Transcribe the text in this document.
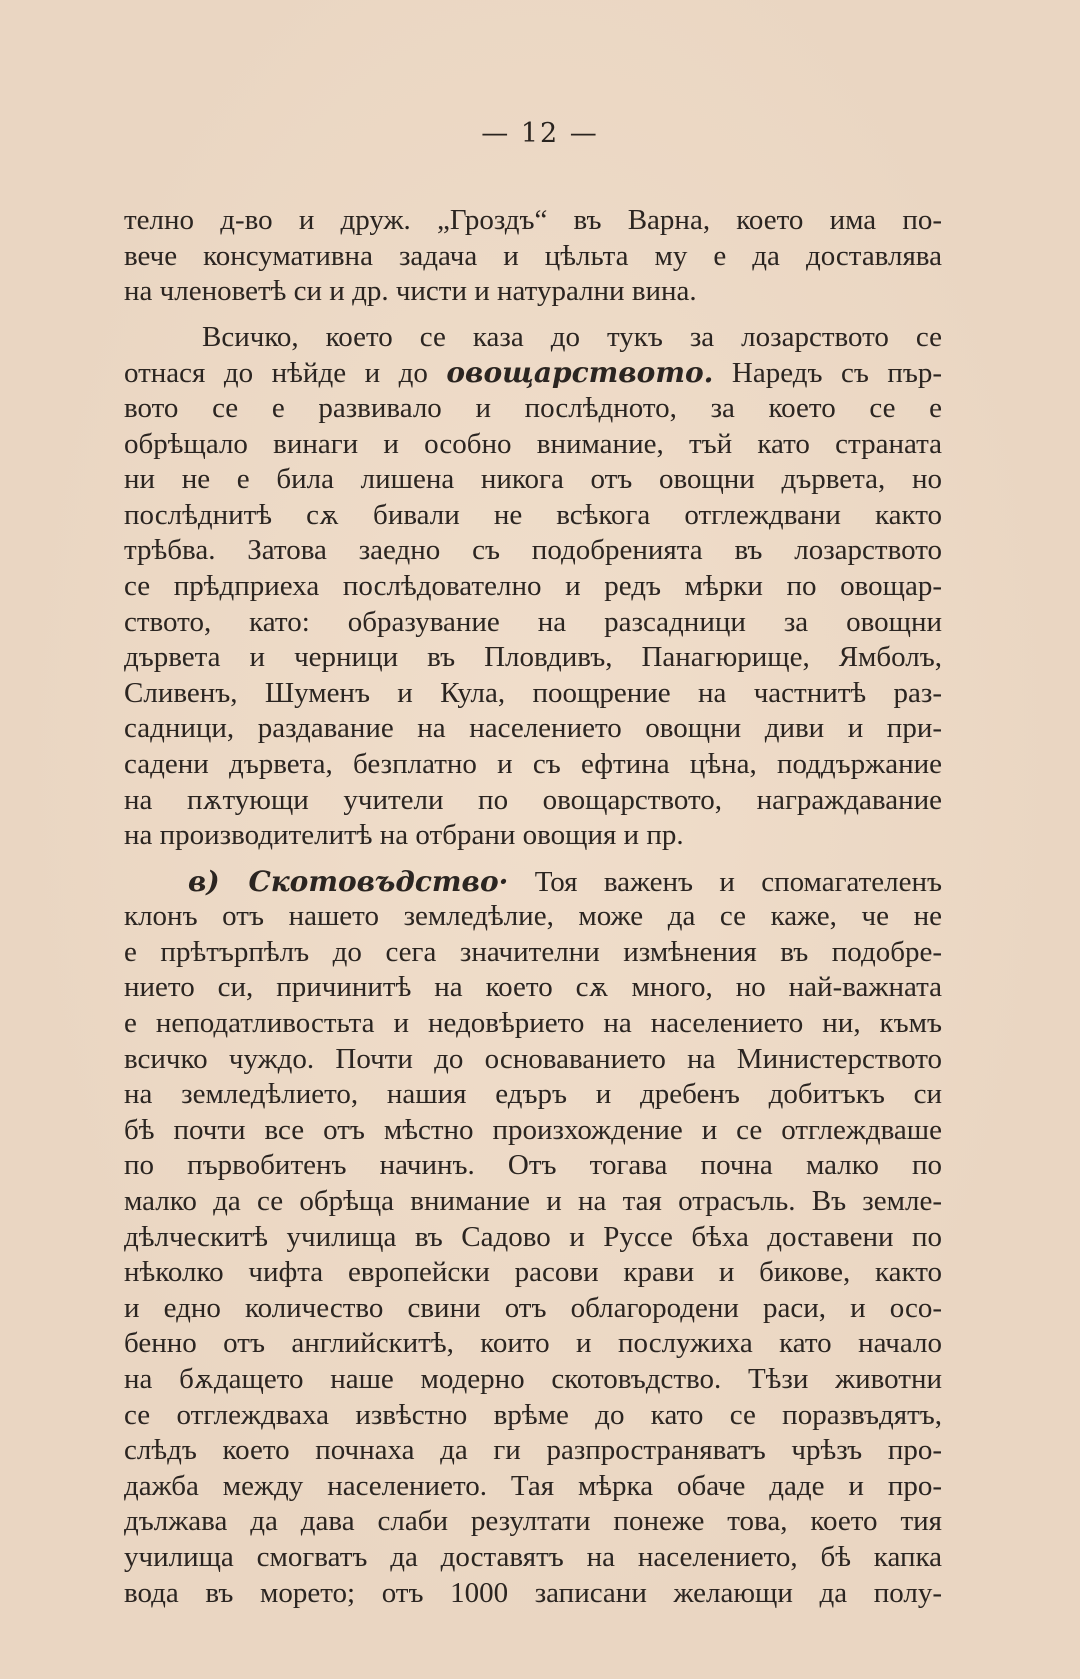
— 12 —
телно д-во и друж. „Гроздъ“ въ Варна, което има по-
вече консумативна задача и цѣльта му е да доставлява
на членоветѣ си и др. чисти и натурални вина.
Всичко, което се каза до тукъ за лозарството се
отнася до нѣйде и до овощарството. Наредъ съ пър-
вото се е развивало и послѣдното, за което се е
обрѣщало винаги и особно внимание, тъй като страната
ни не е била лишена никога отъ овощни дървета, но
послѣднитѣ сѫ бивали не всѣкога отглеждвани както
трѣбва. Затова заедно съ подобренията въ лозарството
се прѣдприеха послѣдователно и редъ мѣрки по овощар-
ството, като: образувание на разсадници за овощни
дървета и черници въ Пловдивъ, Панагюрище, Ямболъ,
Сливенъ, Шуменъ и Кула, поощрение на частнитѣ раз-
садници, раздавание на населението овощни диви и при-
садени дървета, безплатно и съ ефтина цѣна, поддържание
на пѫтующи учители по овощарството, награждавание
на производителитѣ на отбрани овощия и пр.
в) Скотовъдство· Тоя важенъ и спомагателенъ
клонъ отъ нашето земледѣлие, може да се каже, че не
е прѣтърпѣлъ до сега значителни измѣнения въ подобре-
нието си, причинитѣ на което сѫ много, но най-важната
е неподатливостьта и недовѣрието на населението ни, къмъ
всичко чуждо. Почти до основаванието на Министерството
на земледѣлието, нашия едъръ и дребенъ добитъкъ си
бѣ почти все отъ мѣстно произхождение и се отглеждваше
по първобитенъ начинъ. Отъ тогава почна малко по
малко да се обрѣща внимание и на тая отрасъль. Въ земле-
дѣлческитѣ училища въ Садово и Руссе бѣха доставени по
нѣколко чифта европейски расови крави и бикове, както
и едно количество свини отъ облагородени раси, и осо-
бенно отъ английскитѣ, които и послужиха като начало
на бѫдащето наше модерно скотовъдство. Тѣзи животни
се отглеждваха извѣстно врѣме до като се поразвъдятъ,
слѣдъ което почнаха да ги разпространяватъ чрѣзъ про-
дажба между населението. Тая мѣрка обаче даде и про-
дължава да дава слаби резултати понеже това, което тия
училища смогватъ да доставятъ на населението, бѣ капка
вода въ морето; отъ 1000 записани желающи да полу-
